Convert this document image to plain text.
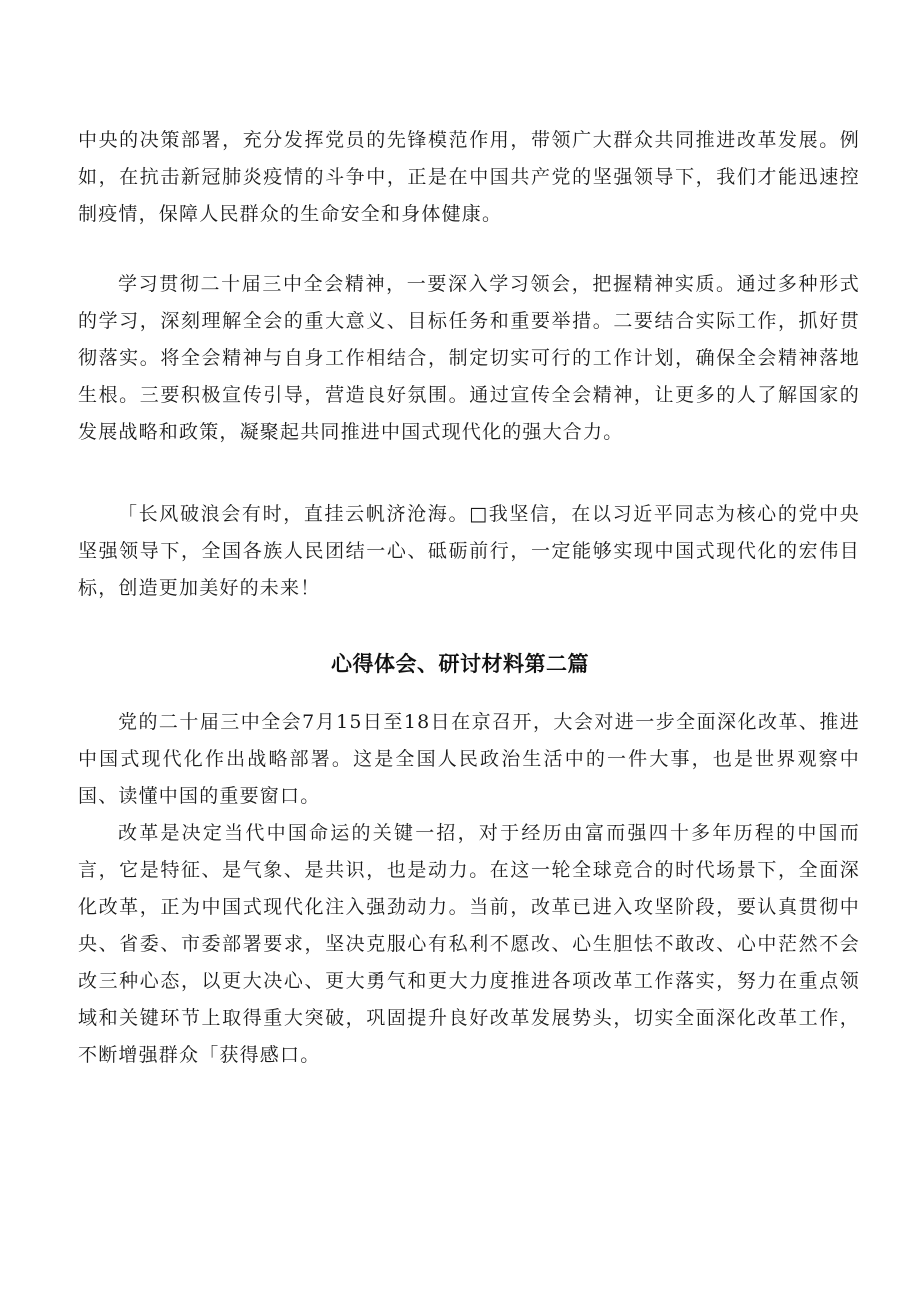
中央的决策部署，充分发挥党员的先锋模范作用，带领广大群众共同推进改革发展。例如，在抗击新冠肺炎疫情的斗争中，正是在中国共产党的坚强领导下，我们才能迅速控制疫情，保障人民群众的生命安全和身体健康。

学习贯彻二十届三中全会精神，一要深入学习领会，把握精神实质。通过多种形式的学习，深刻理解全会的重大意义、目标任务和重要举措。二要结合实际工作，抓好贯彻落实。将全会精神与自身工作相结合，制定切实可行的工作计划，确保全会精神落地生根。三要积极宣传引导，营造良好氛围。通过宣传全会精神，让更多的人了解国家的发展战略和政策，凝聚起共同推进中国式现代化的强大合力。

「长风破浪会有时，直挂云帆济沧海。□我坚信，在以习近平同志为核心的党中央坚强领导下，全国各族人民团结一心、砥砺前行，一定能够实现中国式现代化的宏伟目标，创造更加美好的未来！

心得体会、研讨材料第二篇

党的二十届三中全会7月15日至18日在京召开，大会对进一步全面深化改革、推进中国式现代化作出战略部署。这是全国人民政治生活中的一件大事，也是世界观察中国、读懂中国的重要窗口。

改革是决定当代中国命运的关键一招，对于经历由富而强四十多年历程的中国而言，它是特征、是气象、是共识，也是动力。在这一轮全球竞合的时代场景下，全面深化改革，正为中国式现代化注入强劲动力。当前，改革已进入攻坚阶段，要认真贯彻中央、省委、市委部署要求，坚决克服心有私利不愿改、心生胆怯不敢改、心中茫然不会改三种心态，以更大决心、更大勇气和更大力度推进各项改革工作落实，努力在重点领域和关键环节上取得重大突破，巩固提升良好改革发展势头，切实全面深化改革工作，不断增强群众「获得感口。
